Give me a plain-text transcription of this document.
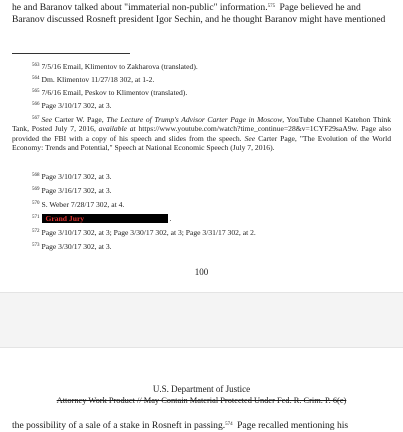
he and Baranov talked about "immaterial non-public" information.$^{575}$ Page believed he and
Baranov discussed Rosneft president Igor Sechin, and he thought Baranov might have mentioned

$^{563}$ 7/5/16 Email, Klimentov to Zakharova (translated).

$^{564}$ Dm. Klimentov 11/27/18 302, at 1-2.

$^{565}$ 7/6/16 Email, Peskov to Klimentov (translated).

$^{566}$ Page 3/10/17 302, at 3.

$^{567}$ See Carter W. Page, The Lecture of Trump's Advisor Carter Page in Moscow, YouTube Channel Katehon Think Tank, Posted July 7, 2016, available at https://www.youtube.com/watch?time_continue=28&v=1CYF29saA9w. Page also provided the FBI with a copy of his speech and slides from the speech. See Carter Page, "The Evolution of the World Economy: Trends and Potential," Speech at National Economic Speech (July 7, 2016).

$^{568}$ Page 3/10/17 302, at 3.

$^{569}$ Page 3/16/17 302, at 3.

$^{570}$ S. Weber 7/28/17 302, at 4.

$^{571}$ Grand Jury	.

$^{572}$ Page 3/10/17 302, at 3; Page 3/30/17 302, at 3; Page 3/31/17 302, at 2.

$^{573}$ Page 3/30/17 302, at 3.

100
U.S. Department of Justice
Attorney Work Product // May Contain Material Protected Under Fed. R. Crim. P. 6(e)

the possibility of a sale of a stake in Rosneft in passing.$^{574}$ Page recalled mentioning his
